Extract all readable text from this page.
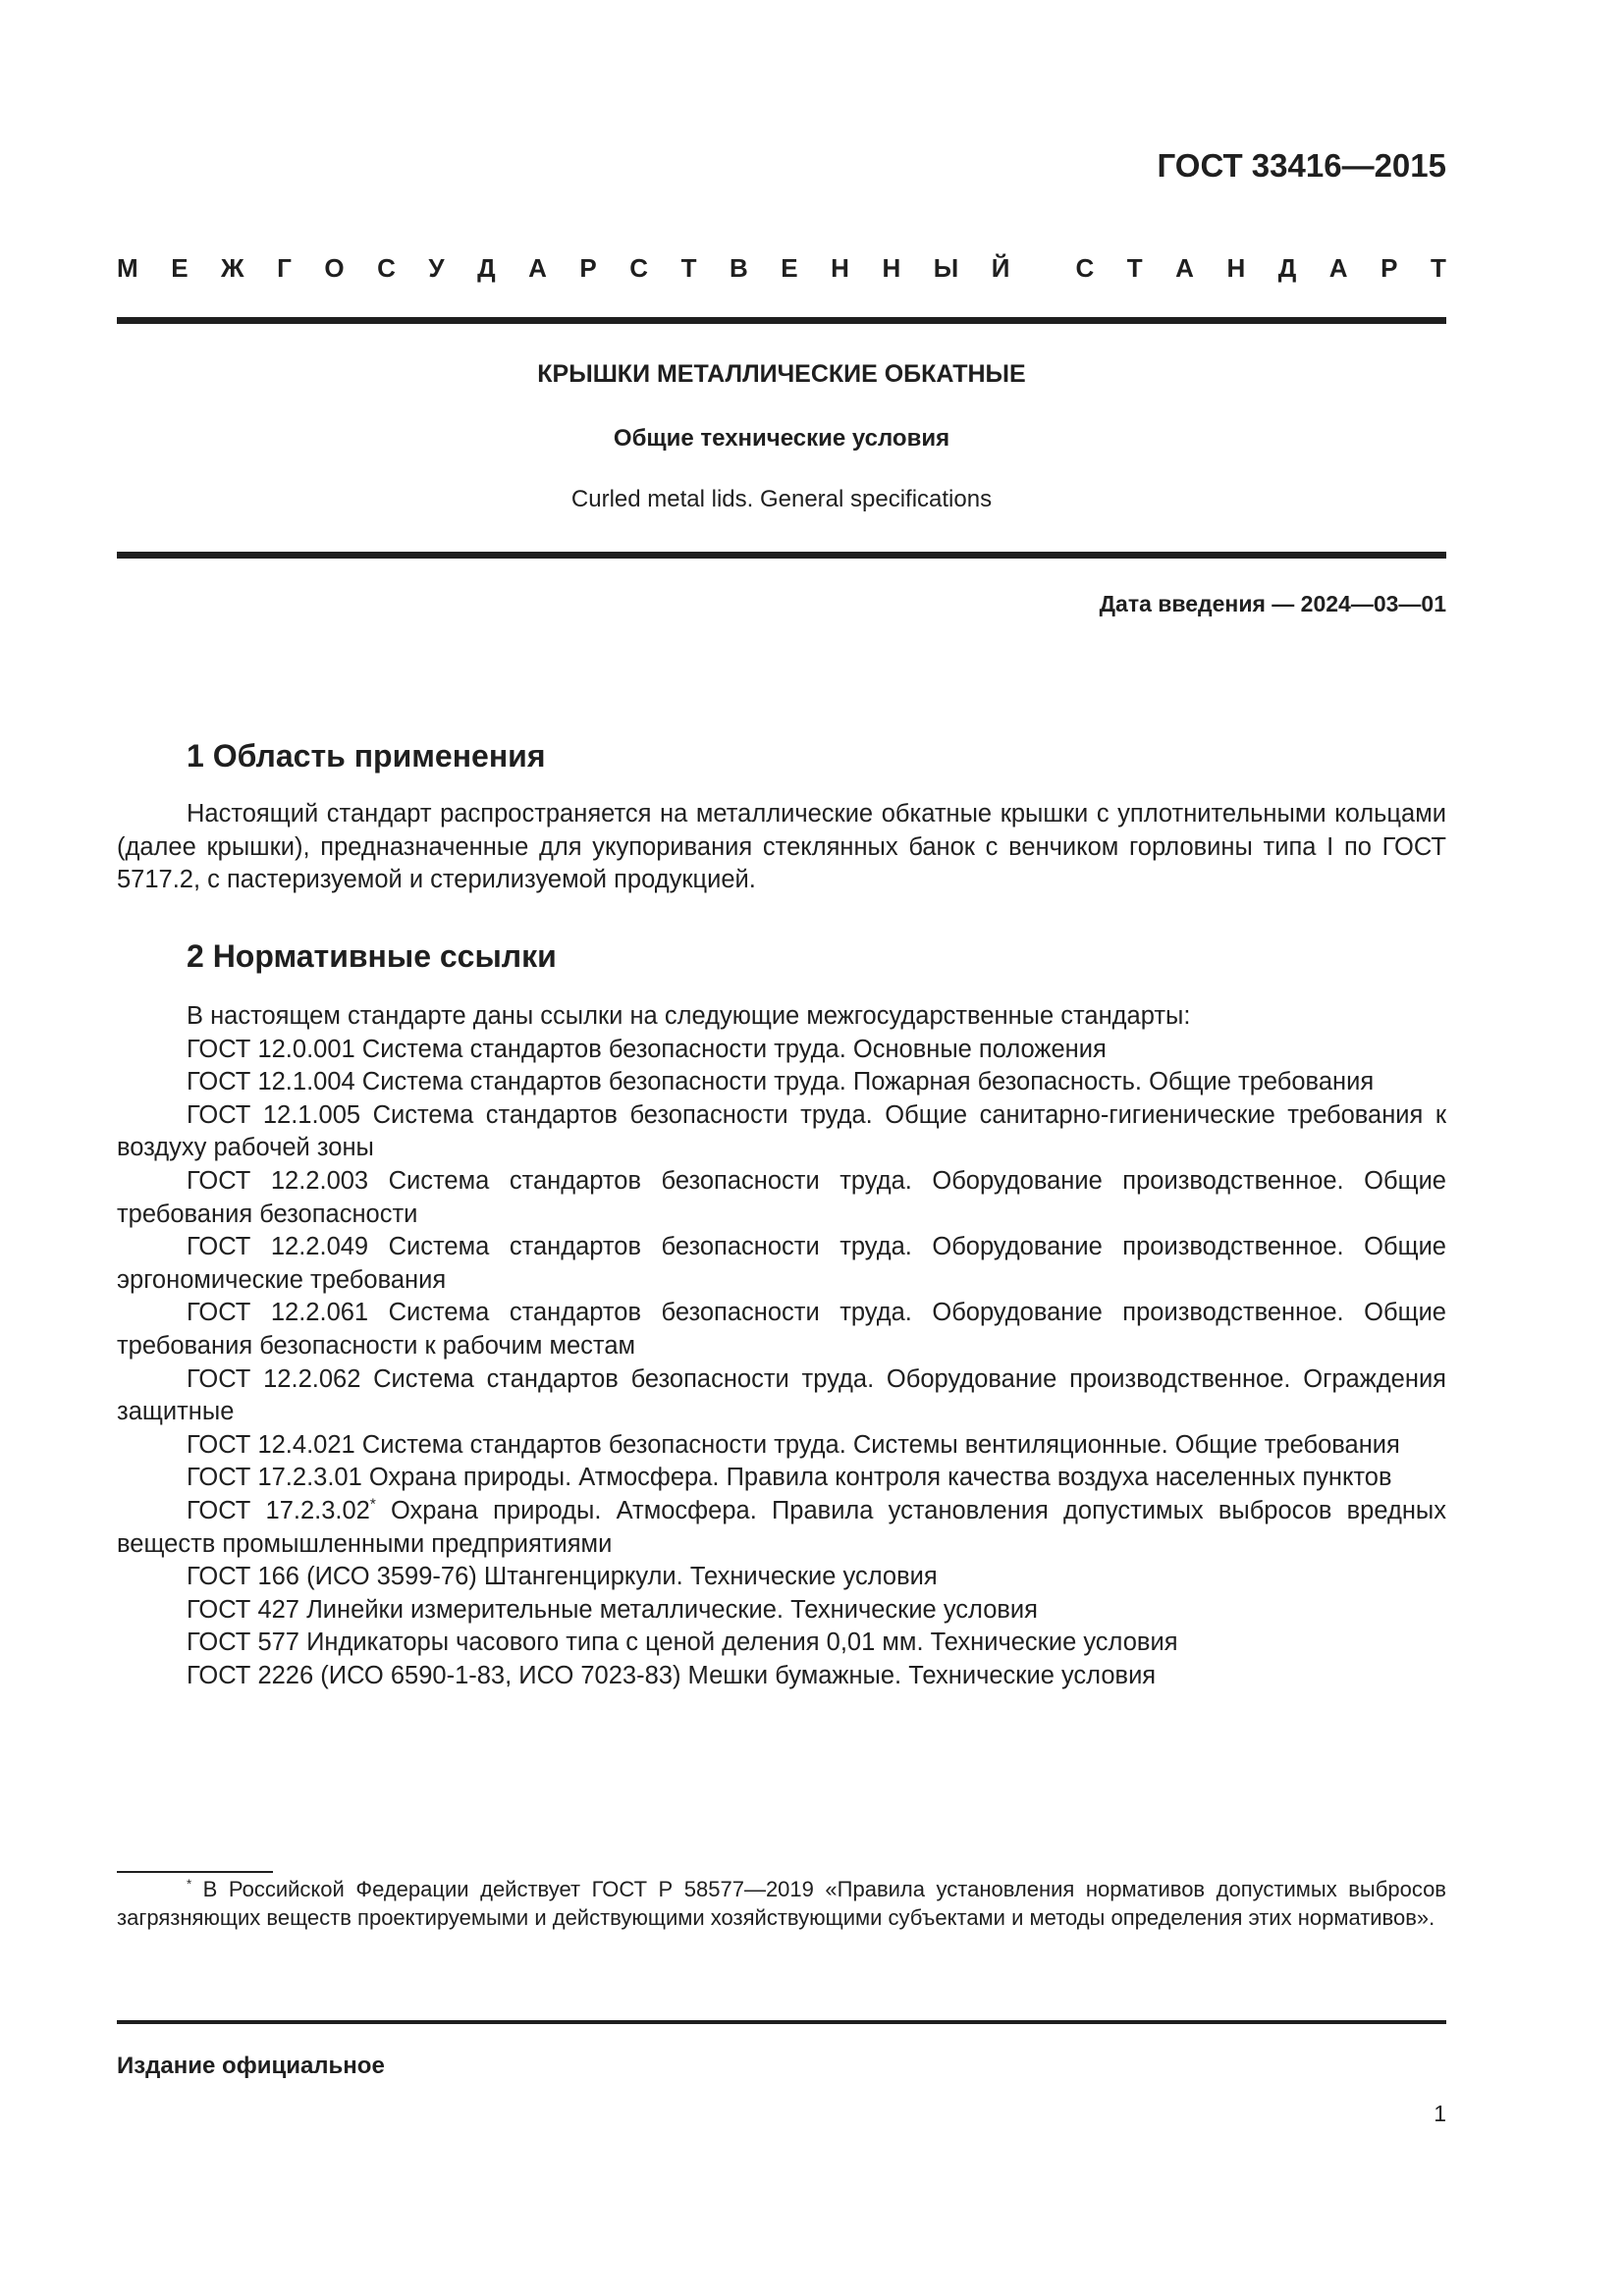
ГОСТ 33416—2015
М Е Ж Г О С У Д А Р С Т В Е Н Н Ы Й	С Т А Н Д А Р Т
КРЫШКИ МЕТАЛЛИЧЕСКИЕ ОБКАТНЫЕ
Общие технические условия
Curled metal lids. General specifications
Дата введения — 2024—03—01
1 Область применения

Настоящий стандарт распространяется на металлические обкатные крышки с уплотнительными кольцами (далее крышки), предназначенные для укупоривания стеклянных банок с венчиком горловины типа I по ГОСТ 5717.2, с пастеризуемой и стерилизуемой продукцией.

2 Нормативные ссылки

В настоящем стандарте даны ссылки на следующие межгосударственные стандарты:

ГОСТ 12.0.001 Система стандартов безопасности труда. Основные положения

ГОСТ 12.1.004 Система стандартов безопасности труда. Пожарная безопасность. Общие требования

ГОСТ 12.1.005 Система стандартов безопасности труда. Общие санитарно-гигиенические требования к воздуху рабочей зоны

ГОСТ 12.2.003 Система стандартов безопасности труда. Оборудование производственное. Общие требования безопасности

ГОСТ 12.2.049 Система стандартов безопасности труда. Оборудование производственное. Общие эргономические требования

ГОСТ 12.2.061 Система стандартов безопасности труда. Оборудование производственное. Общие требования безопасности к рабочим местам

ГОСТ 12.2.062 Система стандартов безопасности труда. Оборудование производственное. Ограждения защитные

ГОСТ 12.4.021 Система стандартов безопасности труда. Системы вентиляционные. Общие требования

ГОСТ 17.2.3.01 Охрана природы. Атмосфера. Правила контроля качества воздуха населенных пунктов

ГОСТ 17.2.3.02* Охрана природы. Атмосфера. Правила установления допустимых выбросов вредных веществ промышленными предприятиями

ГОСТ 166 (ИСО 3599-76) Штангенциркули. Технические условия

ГОСТ 427 Линейки измерительные металлические. Технические условия

ГОСТ 577 Индикаторы часового типа с ценой деления 0,01 мм. Технические условия

ГОСТ 2226 (ИСО 6590-1-83, ИСО 7023-83) Мешки бумажные. Технические условия

* В Российской Федерации действует ГОСТ Р 58577—2019 «Правила установления нормативов допустимых выбросов загрязняющих веществ проектируемыми и действующими хозяйствующими субъектами и методы определения этих нормативов».
Издание официальное
1
